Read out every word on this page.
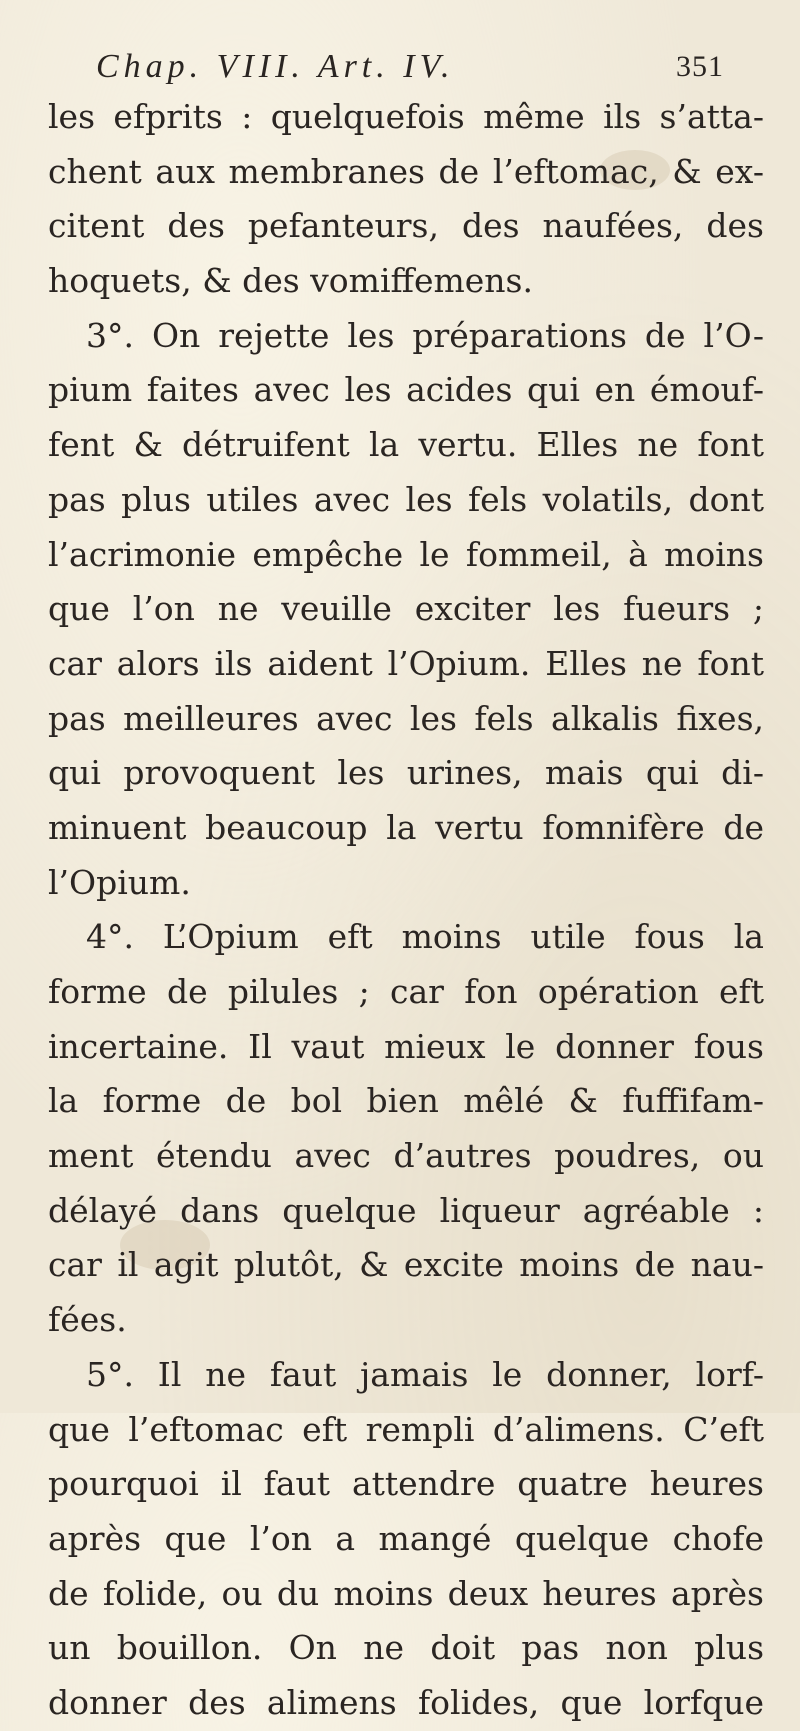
Chap. VIII. Art. IV.	351
les efprits : quelquefois même ils s’atta-
chent aux membranes de l’eftomac, & ex-
citent des pefanteurs, des naufées, des
hoquets, & des vomiffemens.
3°. On rejette les préparations de l’O-
pium faites avec les acides qui en émouf-
fent & détruifent la vertu. Elles ne font
pas plus utiles avec les fels volatils, dont
l’acrimonie empêche le fommeil, à moins
que l’on ne veuille exciter les fueurs ;
car alors ils aident l’Opium. Elles ne font
pas meilleures avec les fels alkalis fixes,
qui provoquent les urines, mais qui di-
minuent beaucoup la vertu fomnifère de
l’Opium.
4°. L’Opium eft moins utile fous la
forme de pilules ; car fon opération eft
incertaine. Il vaut mieux le donner fous
la forme de bol bien mêlé & fuffifam-
ment étendu avec d’autres poudres, ou
délayé dans quelque liqueur agréable :
car il agit plutôt, & excite moins de nau-
fées.
5°. Il ne faut jamais le donner, lorf-
que l’eftomac eft rempli d’alimens. C’eft
pourquoi il faut attendre quatre heures
après que l’on a mangé quelque chofe
de folide, ou du moins deux heures après
un bouillon. On ne doit pas non plus
donner des alimens folides, que lorfque
